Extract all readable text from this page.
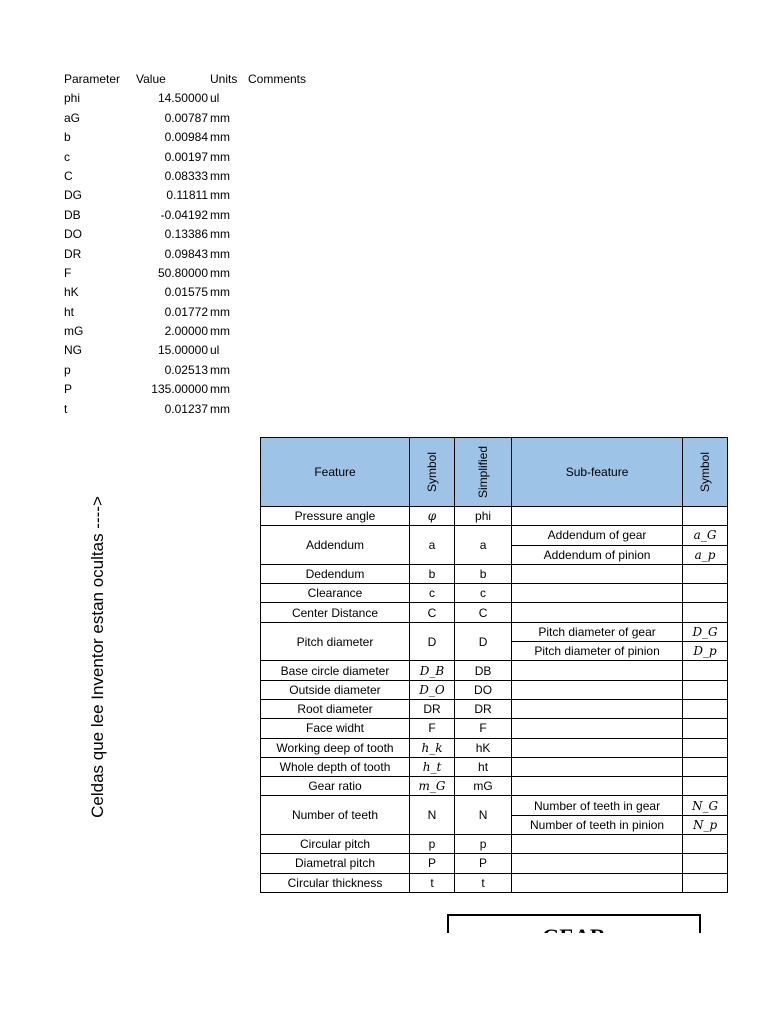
Parameter Value	Units Comments
phi	14.50000 ul
aG	0.00787 mm
b	0.00984 mm
c	0.00197 mm
C	0.08333 mm
DG	0.11811 mm
DB	-0.04192 mm
DO	0.13386 mm
DR	0.09843 mm
F	50.80000 mm
hK	0.01575 mm
ht	0.01772 mm
mG	2.00000 mm
NG	15.00000 ul
p	0.02513 mm
P	135.00000 mm
t	0.01237 mm
Celdas que lee Inventor estan ocultas ---->
Feature	Symbol	Simplified	Sub-feature	Symbol
Pressure angle	φ	phi		
Addendum	a	a	Addendum of gear	a_G
			Addendum of pinion	a_p
Dedendum	b	b		
Clearance	c	c		
Center Distance	C	C		
Pitch diameter	D	D	Pitch diameter of gear	D_G
			Pitch diameter of pinion	D_p
Base circle diameter	D_B	DB		
Outside diameter	D_O	DO		
Root diameter	DR	DR		
Face widht	F	F		
Working deep of tooth	h_k	hK		
Whole depth of tooth	h_t	ht		
Gear ratio	m_G	mG		
Number of teeth	N	N	Number of teeth in gear	N_G
			Number of teeth in pinion	N_p
Circular pitch	p	p		
Diametral pitch	P	P		
Circular thickness	t	t		
